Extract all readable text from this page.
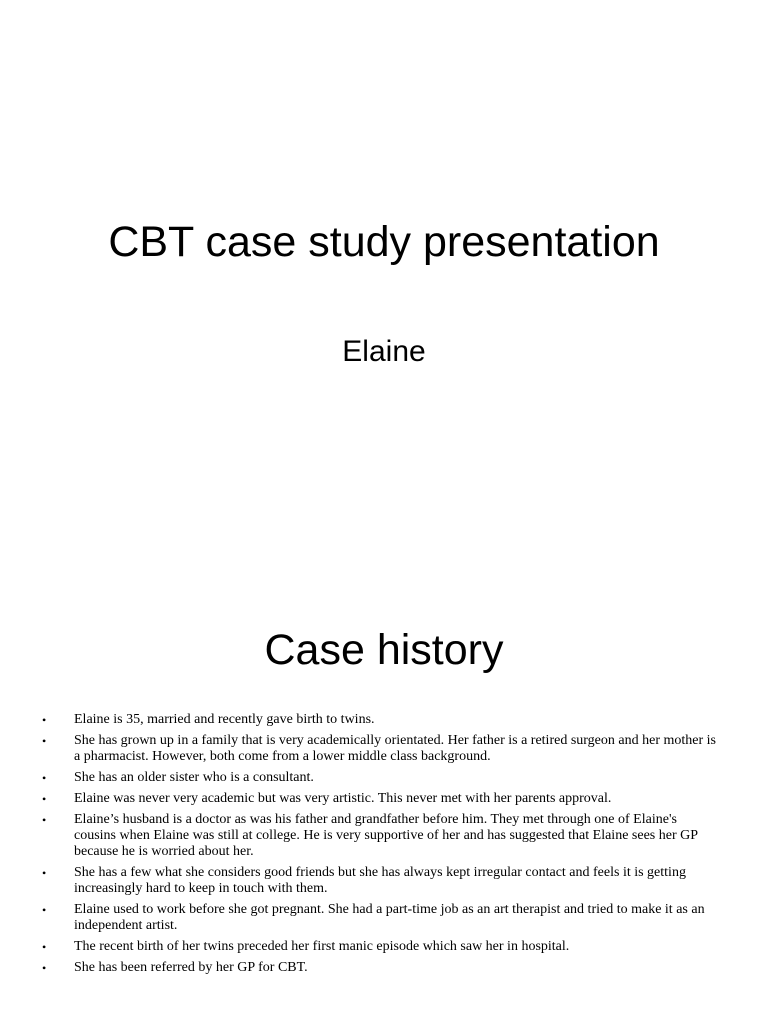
CBT case study presentation
Elaine
Case history
• Elaine is 35, married and recently gave birth to twins.
• She has grown up in a family that is very academically orientated. Her father is a retired surgeon and her mother is a pharmacist. However, both come from a lower middle class background.
• She has an older sister who is a consultant.
• Elaine was never very academic but was very artistic. This never met with her parents approval.
• Elaine’s husband is a doctor as was his father and grandfather before him. They met through one of Elaine's cousins when Elaine was still at college. He is very supportive of her and has suggested that Elaine sees her GP because he is worried about her.
• She has a few what she considers good friends but she has always kept irregular contact and feels it is getting increasingly hard to keep in touch with them.
• Elaine used to work before she got pregnant. She had a part-time job as an art therapist and tried to make it as an independent artist.
• The recent birth of her twins preceded her first manic episode which saw her in hospital.
• She has been referred by her GP for CBT.
